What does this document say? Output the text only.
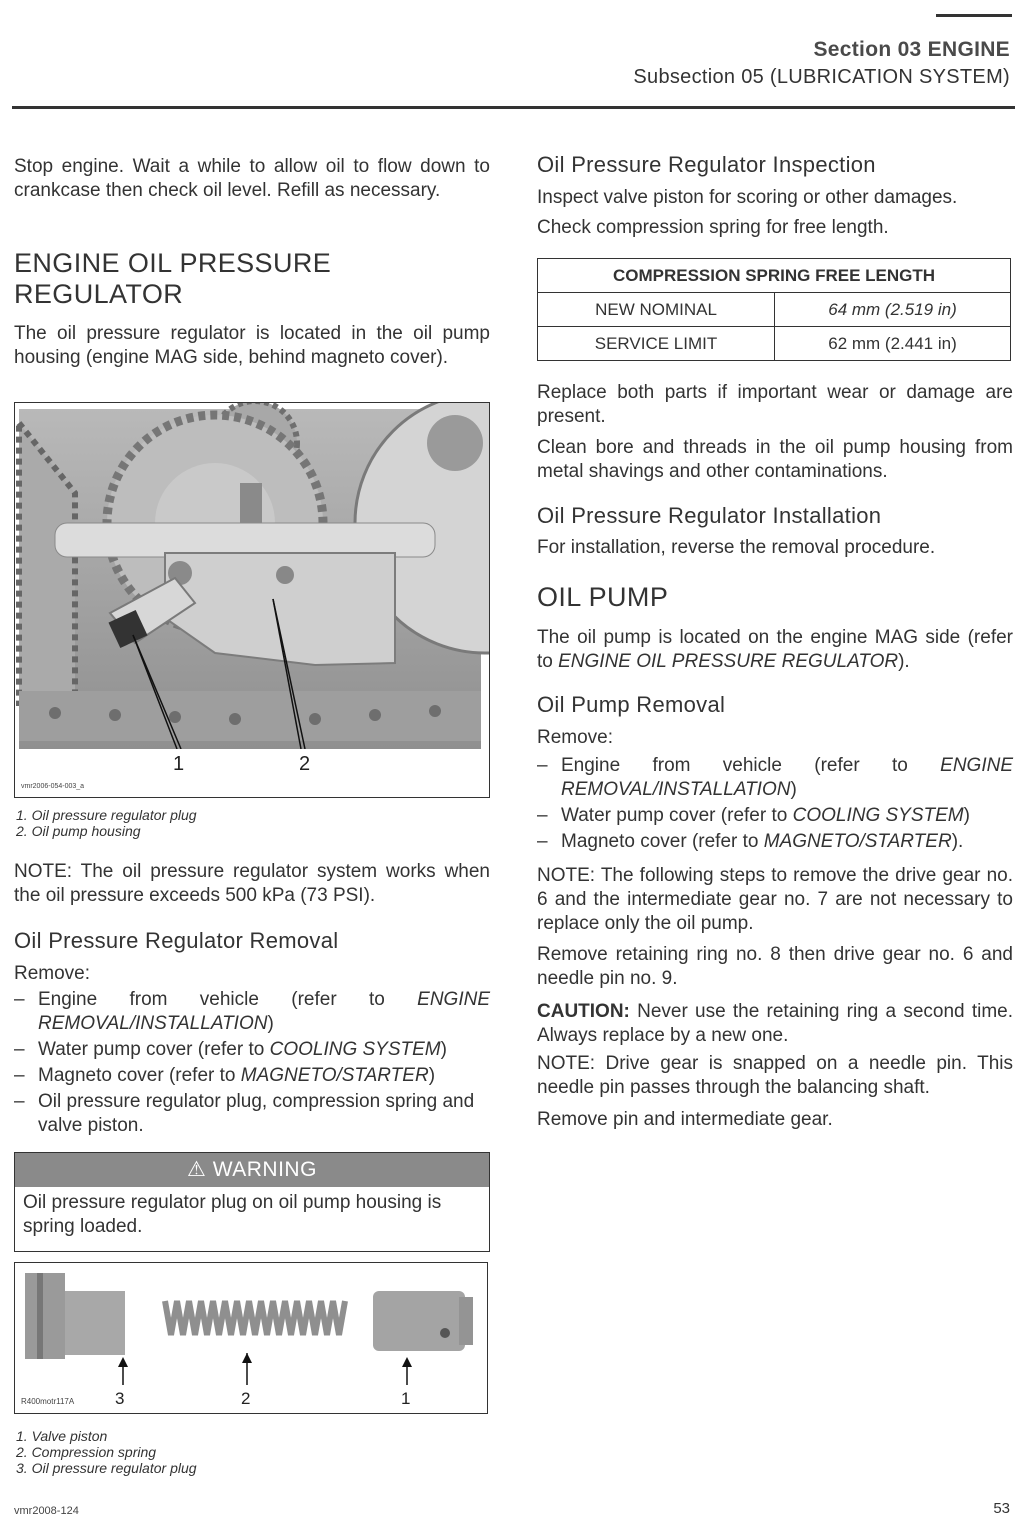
Section 03 ENGINE
Subsection 05 (LUBRICATION SYSTEM)
Stop engine. Wait a while to allow oil to flow down to crankcase then check oil level. Refill as necessary.
ENGINE OIL PRESSURE REGULATOR
The oil pressure regulator is located in the oil pump housing (engine MAG side, behind magneto cover).
1	2
vmr2006-054-003_a
1. Oil pressure regulator plug
2. Oil pump housing
NOTE: The oil pressure regulator system works when the oil pressure exceeds 500 kPa (73 PSI).
Oil Pressure Regulator Removal
Remove:
– Engine from vehicle (refer to ENGINE REMOVAL/INSTALLATION)
– Water pump cover (refer to COOLING SYSTEM)
– Magneto cover (refer to MAGNETO/STARTER)
– Oil pressure regulator plug, compression spring and valve piston.
⚠ WARNING
Oil pressure regulator plug on oil pump housing is spring loaded.
R400motr117A 3	2	1
1. Valve piston
2. Compression spring
3. Oil pressure regulator plug
Oil Pressure Regulator Inspection
Inspect valve piston for scoring or other damages.
Check compression spring for free length.
COMPRESSION SPRING FREE LENGTH	
NEW NOMINAL	64 mm (2.519 in)
SERVICE LIMIT	62 mm (2.441 in)
Replace both parts if important wear or damage are present.
Clean bore and threads in the oil pump housing from metal shavings and other contaminations.
Oil Pressure Regulator Installation
For installation, reverse the removal procedure.
OIL PUMP
The oil pump is located on the engine MAG side (refer to ENGINE OIL PRESSURE REGULATOR).
Oil Pump Removal
Remove:
– Engine from vehicle (refer to ENGINE REMOVAL/INSTALLATION)
– Water pump cover (refer to COOLING SYSTEM)
– Magneto cover (refer to MAGNETO/STARTER).
NOTE: The following steps to remove the drive gear no. 6 and the intermediate gear no. 7 are not necessary to replace only the oil pump.
Remove retaining ring no. 8 then drive gear no. 6 and needle pin no. 9.
CAUTION: Never use the retaining ring a second time. Always replace by a new one.
NOTE: Drive gear is snapped on a needle pin. This needle pin passes through the balancing shaft.
Remove pin and intermediate gear.
vmr2008-124	53
